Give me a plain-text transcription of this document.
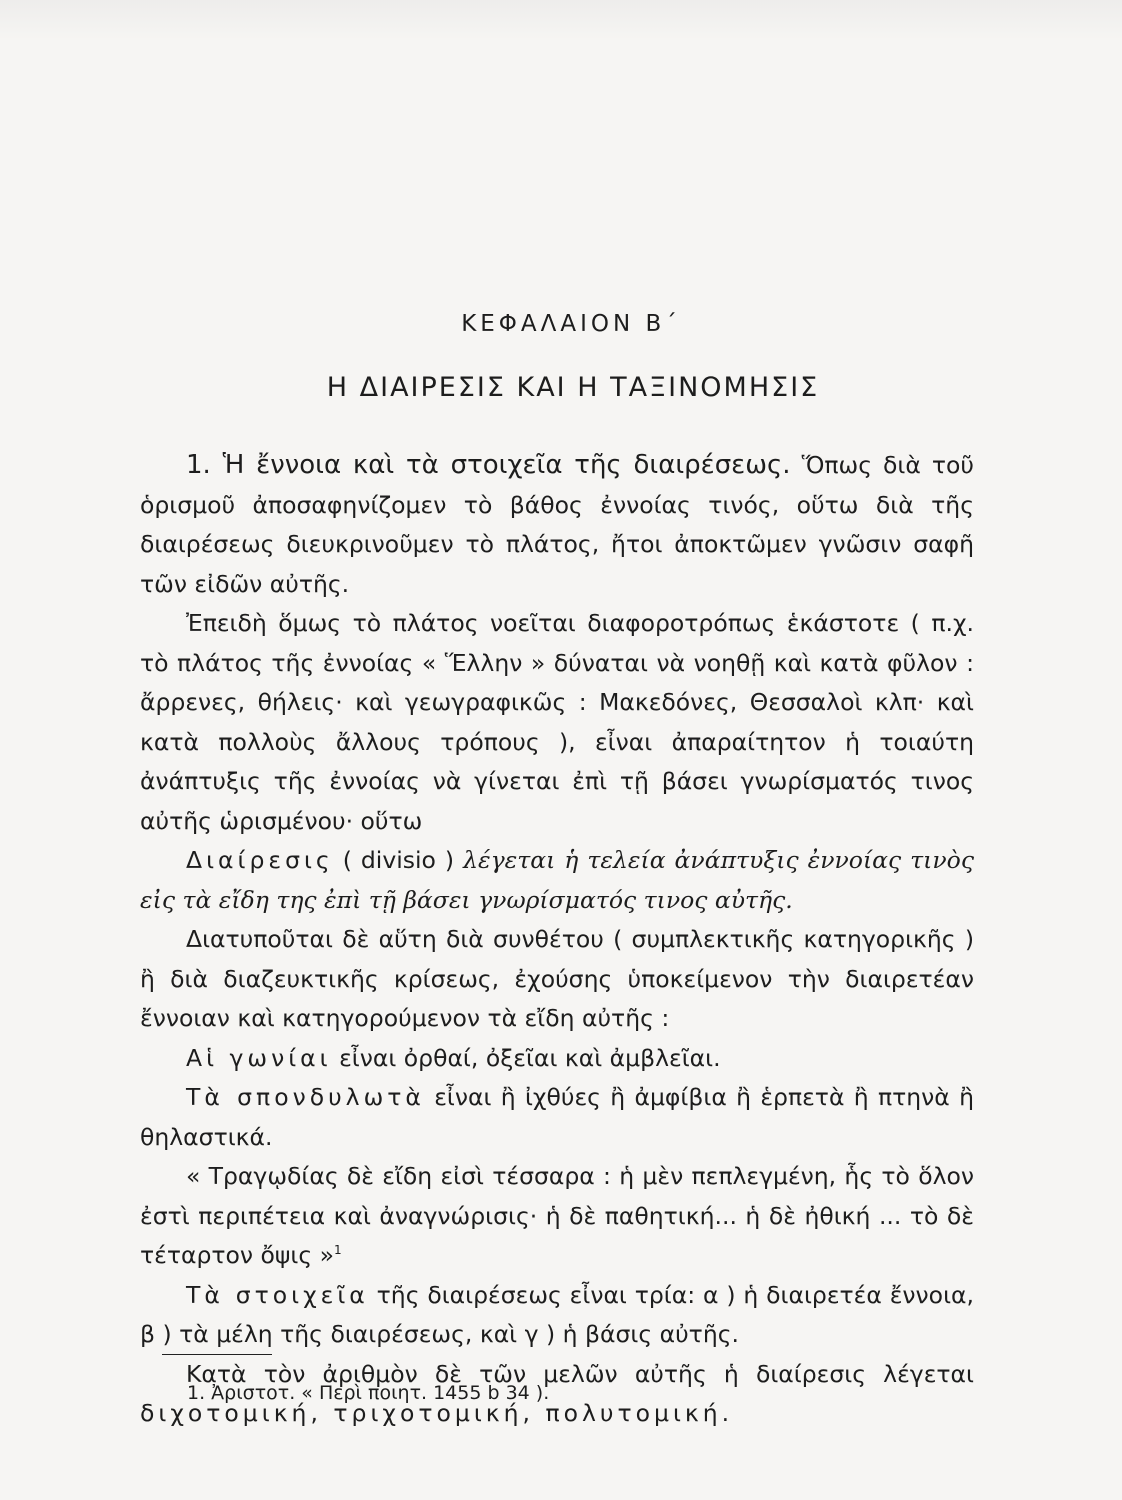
ΚΕΦΑΛΑΙΟΝ Β΄
Η ΔΙΑΙΡΕΣΙΣ ΚΑΙ Η ΤΑΞΙΝΟΜΗΣΙΣ

1. Ἡ ἔννοια καὶ τὰ στοιχεῖα τῆς διαιρέσεως. Ὅπως διὰ τοῦ ὁρισμοῦ ἀποσαφηνίζομεν τὸ βάθος ἐννοίας τινός, οὕτω διὰ τῆς διαιρέσεως διευκρινοῦμεν τὸ πλάτος, ἤτοι ἀποκτῶμεν γνῶσιν σαφῆ τῶν εἰδῶν αὐτῆς.

Ἐπειδὴ ὅμως τὸ πλάτος νοεῖται διαφοροτρόπως ἑκάστοτε ( π.χ. τὸ πλάτος τῆς ἐννοίας « Ἕλλην » δύναται νὰ νοηθῇ καὶ κατὰ φῦλον : ἄρρενες, θήλεις· καὶ γεωγραφικῶς : Μακεδόνες, Θεσσαλοὶ κλπ· καὶ κατὰ πολλοὺς ἄλλους τρόπους ), εἶναι ἀπαραίτητον ἡ τοιαύτη ἀνάπτυξις τῆς ἐννοίας νὰ γίνεται ἐπὶ τῇ βάσει γνωρίσματός τινος αὐτῆς ὡρισμένου· οὕτω

Διαίρεσις ( divisio ) λέγεται ἡ τελεία ἀνάπτυξις ἐννοίας τινὸς εἰς τὰ εἴδη της ἐπὶ τῇ βάσει γνωρίσματός τινος αὐτῆς.

Διατυποῦται δὲ αὕτη διὰ συνθέτου ( συμπλεκτικῆς κατηγορικῆς ) ἢ διὰ διαζευκτικῆς κρίσεως, ἐχούσης ὑποκείμενον τὴν διαιρετέαν ἔννοιαν καὶ κατηγορούμενον τὰ εἴδη αὐτῆς :

Αἱ γωνίαι εἶναι ὀρθαί, ὀξεῖαι καὶ ἀμβλεῖαι.

Τὰ σπονδυλωτὰ εἶναι ἢ ἰχθύες ἢ ἀμφίβια ἢ ἑρπετὰ ἢ πτηνὰ ἢ θηλαστικά.

« Τραγῳδίας δὲ εἴδη εἰσὶ τέσσαρα : ἡ μὲν πεπλεγμένη, ἧς τὸ ὅλον ἐστὶ περιπέτεια καὶ ἀναγνώρισις· ἡ δὲ παθητική... ἡ δὲ ἠθική ... τὸ δὲ τέταρτον ὄψις »$^1$

Τὰ στοιχεῖα τῆς διαιρέσεως εἶναι τρία: α ) ἡ διαιρετέα ἔννοια, β ) τὰ μέλη τῆς διαιρέσεως, καὶ γ ) ἡ βάσις αὐτῆς.

Κατὰ τὸν ἀριθμὸν δὲ τῶν μελῶν αὐτῆς ἡ διαίρεσις λέγεται διχοτομική, τριχοτομική, πολυτομική.

1. Ἀριστοτ. « Περὶ ποιητ. 1455 b 34 ).
